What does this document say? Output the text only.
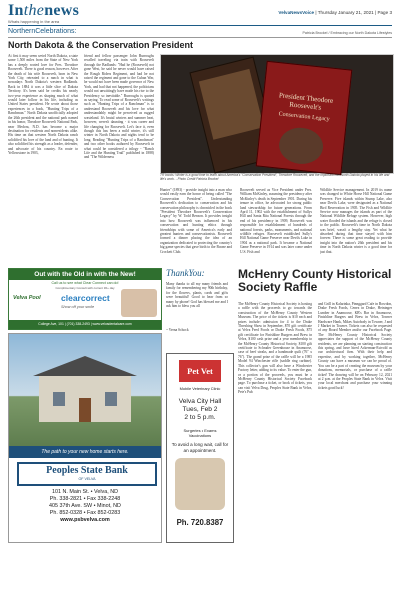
Inthenews
Whats happening in the area
VelvaNewsVoice | Thursday January 21, 2021 | Page 3
NorthernCelebrations:	Patricia Brockel / Embracing our North Dakota Lifestyles
North Dakota & the Conservation President
At first it may seem weird North Dakota, a state some 1,500 miles from the State of New York has a deeply rooted love for Pres. Theodore Roosevelt. There is good reason, however. After the death of his wife Roosevelt, born in New York City, retreated to a ranch in what is nowadays North Dakota's western Badlands. Back in 1884 it was a little slice of Dakota Territory. It's been said he credits his nearly two-year experience as shaping much of what would later follow in his life, including as United States president. He wrote about those experiences in a book, "Hunting Trips of a Ranchman." North Dakota unofficially adopted the 26th president and the national park named in his honor, Theodore Roosevelt National Park, near Medora, N.D. has become a major destination for residents and nonresidents alike. His time on that western North Dakota ranch solidified his love of the land and of hunting. It also solidified his strength as a leader, defender, and advocate of his country. En route to Yellowstone in 1903,
friend and fellow passenger John Burroughs recalled traveling via train with Roosevelt through the Badlands: "Had he (Roosevelt) not gone West, he said he never would have raised the Rough Riders Regiment, and had he not raised the regiment and gone to the Cuban War, he would not have been made governor of New York, and had that not happened, the politicians would not unwittingly have made his rise to the Presidency so inevitable." Burroughs is quoted as saying. To read some of Roosevelt's writings such as "Hunting Trips of a Ranchman" is to understand Roosevelt and his love for what understandably might be perceived as rugged wasteland. It's brutal winters and summer heat, however, weren't daunting - it was career and life changing for Roosevelt. Let's face it, even though this has been a mild winter, it's still winter in North Dakota and nights tend to be long. Reading "Hunting Trips of a Ranchman" and two other books authored by Roosevelt in what could be considered a trilogy - "Ranch Life and the Hunting Trail" published in 1888) and "The Wilderness
President Theodore Roosevelt's
Conservation Legacy
TR books: Winter is a good time to learn about America's "Conservation President", Theodore Roosevelt, and the important role North Dakota played in his life and life's work. - Photo Credit Patricia Brockel
Hunter" (1893) - provide insight into a man who would easily earn the honor of being called "The Conservation President". Understanding Roosevelt's dedication to conservation and his conservation philosophy is chronicled in the book "President Theodore Roosevelt's Conservation Legacy" by W. Todd Benson. It provides insight into how Roosevelt was influenced in his conservation and hunting ethics through friendships with some of America's early and greatest hunters and conservationists. Roosevelt formed a dinner placing the idea of an organization dedicated to protecting the country's big game species that gave birth to the Boone and Crockett Club.
Roosevelt served as Vice President under Pres. William McKinley, assuming the presidency after McKinley's death in September 1901. During his tenure in office, he advocated for strong public land stewardship for future generations. From April 11, 1902 with the establishment of Sullys Hill and Santa Rita National Forests through the end of his presidency in 1909, Roosevelt was responsible for establishment of hundreds of national forests, parks, monuments, and national wildlife refuges. Roosevelt established Sully's Hill National Game Preserve near Devils Lake in 1904 as a national park. It became a National Game Preserve in 1914 and was later come under U.S. Fish and
Wildlife Service management. In 2019 its name was changed to White Horse Hill National Game Preserve. Five islands within Stump Lake, also near Devils Lake, were designated as a National Bird Reservation in 1905. The Fish and Wildlife Service now manages the islands as part of the National Wildlife Refuge system. However, high water flooded the islands and the refuge is closed to the public. Roosevelt's time in North Dakota was brief, wasn't a lengthy stay. Yet what he absorbed during that time stayed with him forever. There is some great reading to provide insight into the nation's 26th president and his time in North Dakota winter is a good time for just that.
Out with the Old in with the New!
Call us to see what Clear Connect can do!
Complimentary Consult with current 30+ day
Velva Pool clearcorrect
Show off your smile
College Ave, 101 | (701) 338-2493 | www.velvadentalcare.com
The path to your new home starts here.
Peoples State Bank
OF VELVA
101 N. Main St. • Velva, ND
Ph. 338-2821 • Fax 338-2248
405 37th Ave. SW • Minot, ND
Ph. 852-0328 • Fax 852-0283
www.psbvelva.com
ThankYou:
Many thanks to all my many friends and family for remembering my 90th birthday, for the flowers, plants, cards and gifts were beautiful! Good to hear from so many by phone! God has blessed me and I ask him to bless you all
~ Verna Schock
Pet Vet
Mobile Veterinary Clinic
Velva City Hall
Tues, Feb 2
2 to 5 p.m.
Surgeries • Exams
Vaccinations
To avoid a long wait, call for an appointment.
Ph. 720.8387
McHenry County Historical Society Raffle
The McHenry County Historical Society is hosting a raffle with the proceeds to go towards the construction of the McHenry County Western Museum. The price of the tickets is $10 each and prizes include: admission for 4 to the Drake Threshing Show in September, $70 gift certificate at Velva Feed Foods or Drake Fresh Foods, $75 gift certificate for Finishline Burgers and Brew in Velva, $100 cash prize and a year membership to the McHenry County Historical Society, $100 gift certificate to Schrader Greenhouse in Anamoose, case of beef steaks, and a handmade quilt (76" x 76"). The grand prize of the raffle will be a 1985 Model 94 Winchester rifle (saddle ring carbine). This collector's gun will also have a Winchester Factory letter, adding to its value. To enter the gun, or a portion of the proceeds, you must be a McHenry County Historical Society Facebook page. To purchase a ticket, or book of tickets, you can visit Velva Drug, Peoples State Bank in Velva, Pete's Pub
and Grill in Kalarinka, Pinnggard Cafe in Bowdon, Drake Fresh Foods, Cenex in Drake, Heininger Lumber in Anamoose, KB's Bar in Anamoose, Finishline Burgers and Brew in Velva, Towner Hardware Hank, Mikes Autobody in Towner, J and J Market in Towner. Tickets can also be requested of any Board Member and/or our Facebook Page. The McHenry County Historical Society appreciates the support of the McHenry County residents, we are planning on starting construction this spring, and have hired Ackerman-Estvold as our architectural firm. With their help and expertise, and by working together, McHenry County can have a museum we can be proud of. You can be a part of creating the museum by your donations, memorials, or purchase of a raffle ticket! The drawing will be on February 12, 2021 at 2 p.m. at the Peoples State Bank in Velva. Visit your local merchant and purchase your winning tickets good luck!
